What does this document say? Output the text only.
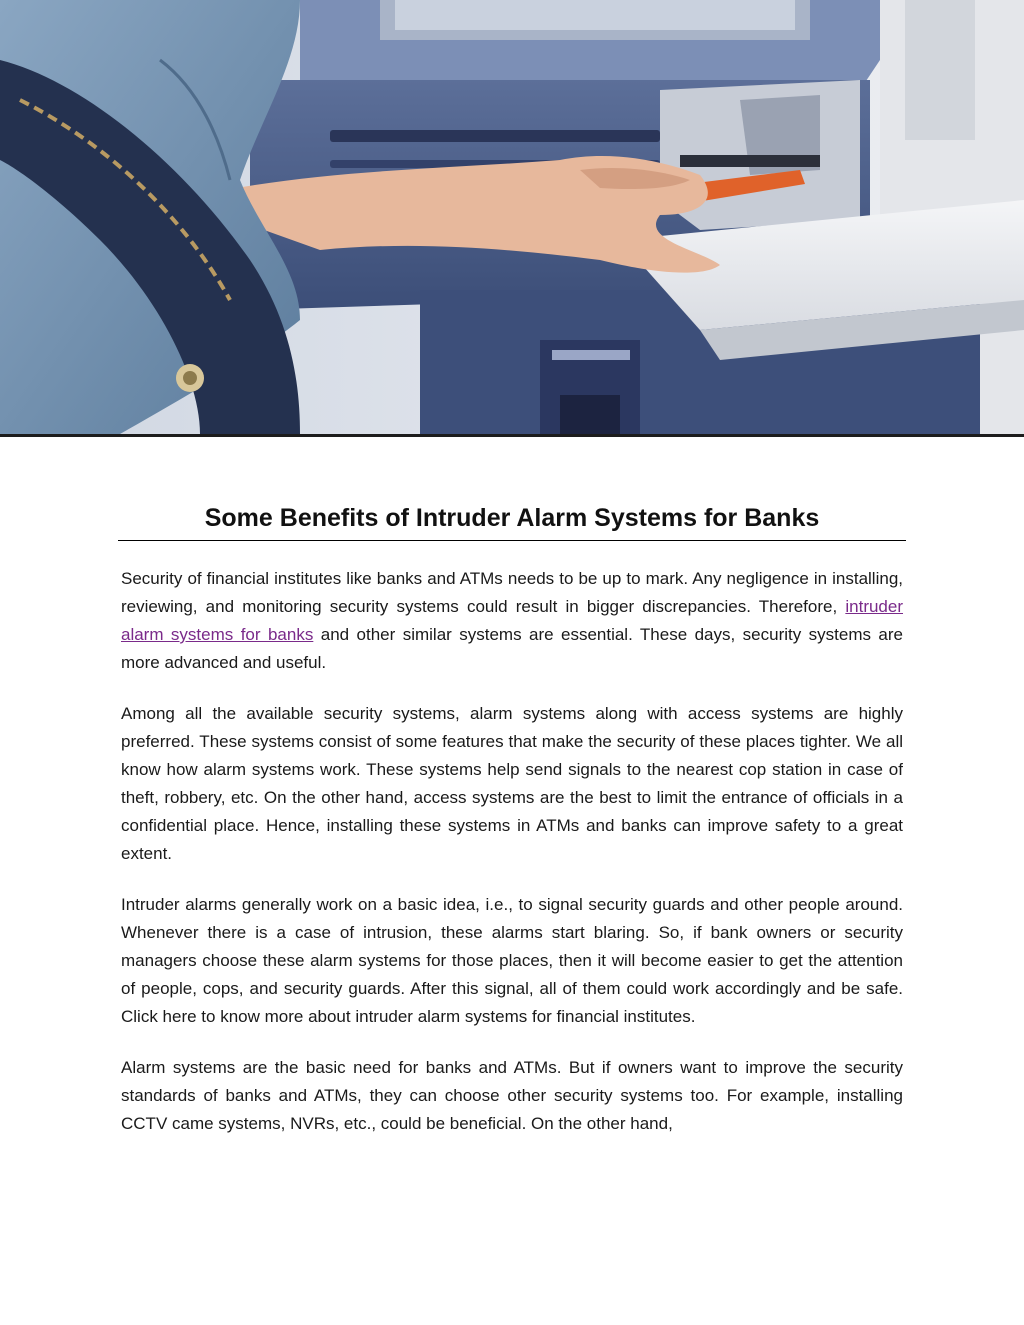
Some Benefits of Intruder Alarm Systems for Banks

Security of financial institutes like banks and ATMs needs to be up to mark. Any negligence in installing, reviewing, and monitoring security systems could result in bigger discrepancies. Therefore, intruder alarm systems for banks and other similar systems are essential. These days, security systems are more advanced and useful.

Among all the available security systems, alarm systems along with access systems are highly preferred. These systems consist of some features that make the security of these places tighter. We all know how alarm systems work. These systems help send signals to the nearest cop station in case of theft, robbery, etc. On the other hand, access systems are the best to limit the entrance of officials in a confidential place. Hence, installing these systems in ATMs and banks can improve safety to a great extent.

Intruder alarms generally work on a basic idea, i.e., to signal security guards and other people around. Whenever there is a case of intrusion, these alarms start blaring. So, if bank owners or security managers choose these alarm systems for those places, then it will become easier to get the attention of people, cops, and security guards. After this signal, all of them could work accordingly and be safe. Click here to know more about intruder alarm systems for financial institutes.

Alarm systems are the basic need for banks and ATMs. But if owners want to improve the security standards of banks and ATMs, they can choose other security systems too. For example, installing CCTV came systems, NVRs, etc., could be beneficial. On the other hand,
